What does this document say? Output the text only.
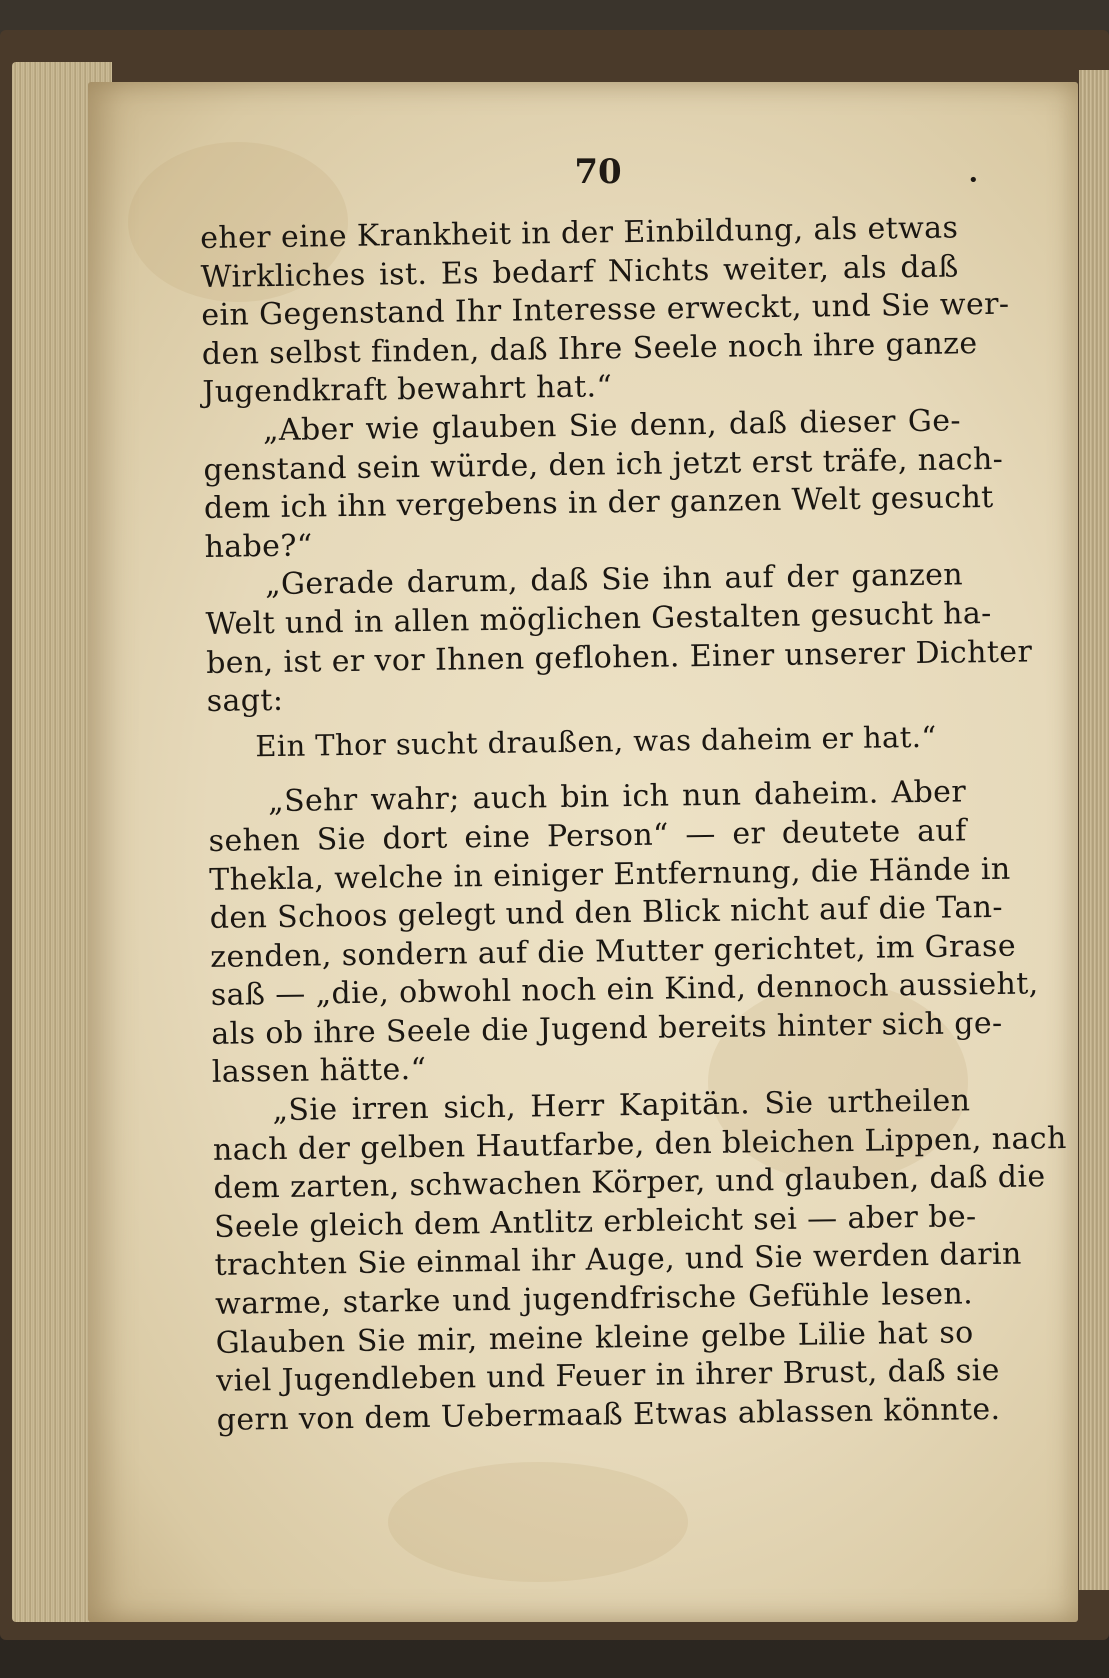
70	•
eher eine Krankheit in der Einbildung, als etwas
Wirkliches ist. Es bedarf Nichts weiter, als daß
ein Gegenstand Ihr Interesse erweckt, und Sie wer-
den selbst finden, daß Ihre Seele noch ihre ganze
Jugendkraft bewahrt hat.“
„Aber wie glauben Sie denn, daß dieser Ge-
genstand sein würde, den ich jetzt erst träfe, nach-
dem ich ihn vergebens in der ganzen Welt gesucht
habe?“
„Gerade darum, daß Sie ihn auf der ganzen
Welt und in allen möglichen Gestalten gesucht ha-
ben, ist er vor Ihnen geflohen. Einer unserer Dichter
sagt:
Ein Thor sucht draußen, was daheim er hat.“
„Sehr wahr; auch bin ich nun daheim. Aber
sehen Sie dort eine Person“ — er deutete auf
Thekla, welche in einiger Entfernung, die Hände in
den Schoos gelegt und den Blick nicht auf die Tan-
zenden, sondern auf die Mutter gerichtet, im Grase
saß — „die, obwohl noch ein Kind, dennoch aussieht,
als ob ihre Seele die Jugend bereits hinter sich ge-
lassen hätte.“
„Sie irren sich, Herr Kapitän. Sie urtheilen
nach der gelben Hautfarbe, den bleichen Lippen, nach
dem zarten, schwachen Körper, und glauben, daß die
Seele gleich dem Antlitz erbleicht sei — aber be-
trachten Sie einmal ihr Auge, und Sie werden darin
warme, starke und jugendfrische Gefühle lesen.
Glauben Sie mir, meine kleine gelbe Lilie hat so
viel Jugendleben und Feuer in ihrer Brust, daß sie
gern von dem Uebermaaß Etwas ablassen könnte.
